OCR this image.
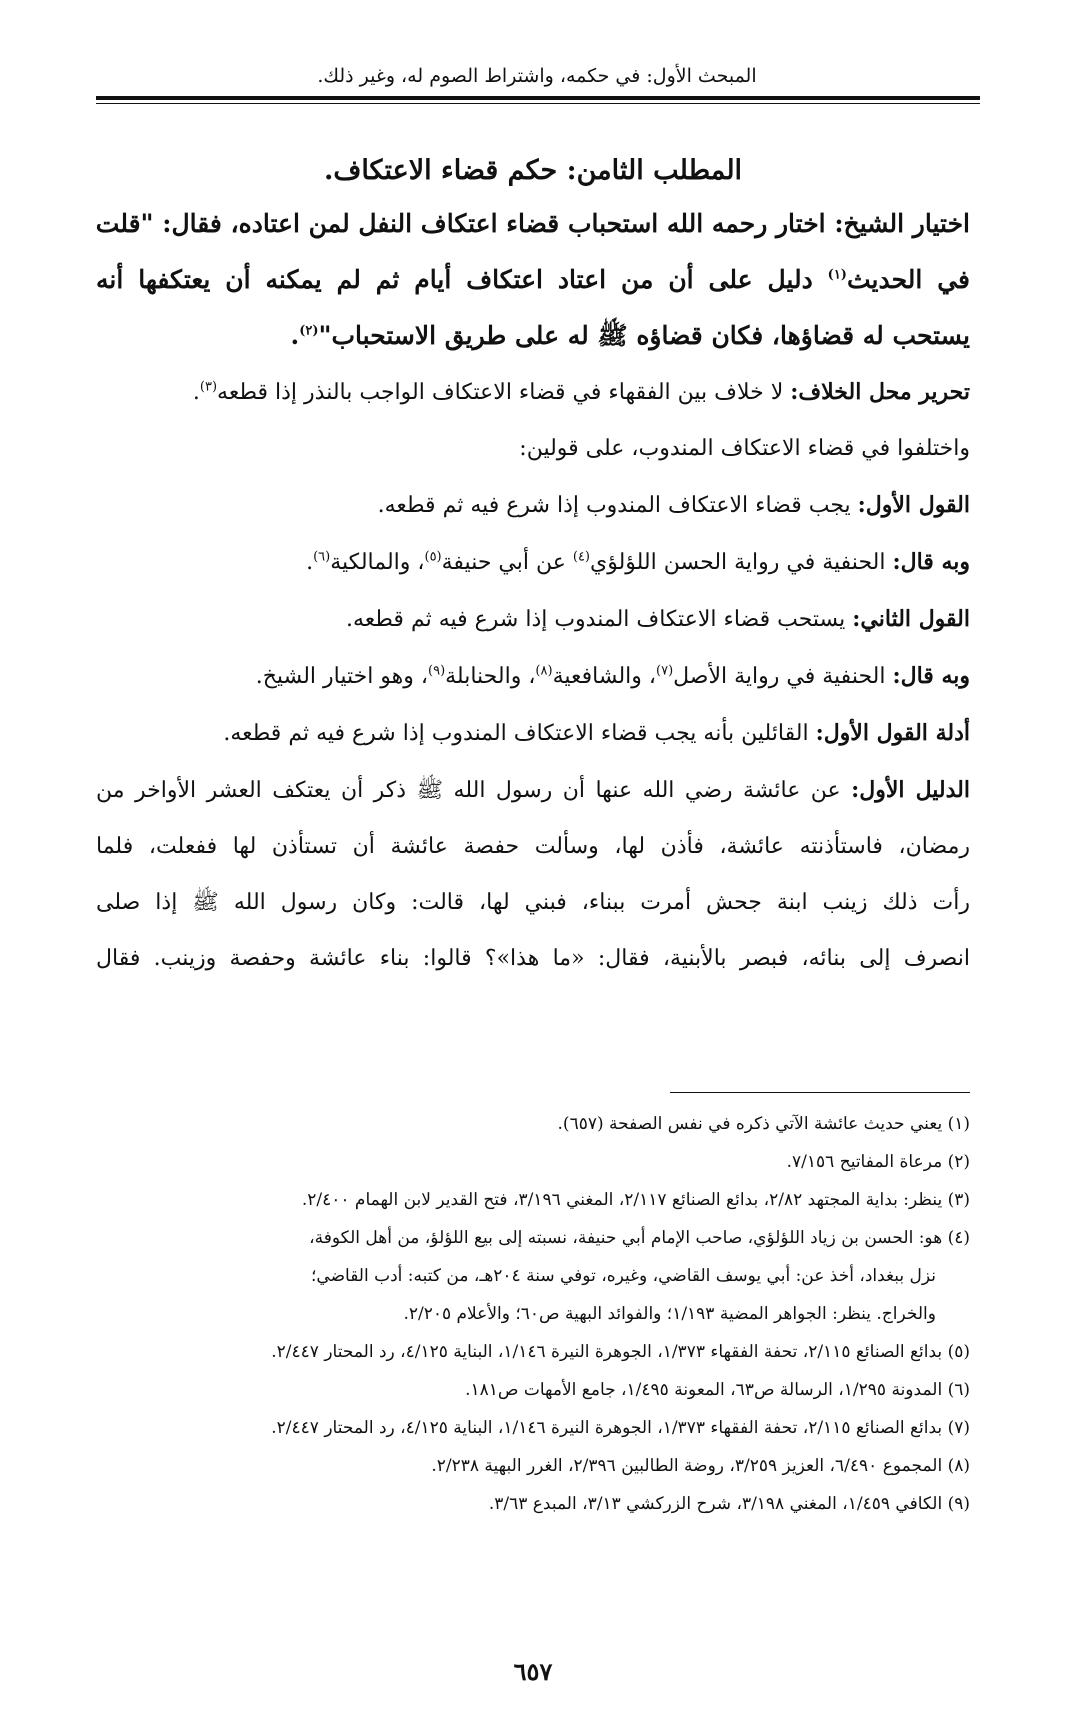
المبحث الأول: في حكمه، واشتراط الصوم له، وغير ذلك.
المطلب الثامن: حكم قضاء الاعتكاف.
اختيار الشيخ: اختار رحمه الله استحباب قضاء اعتكاف النفل لمن اعتاده، فقال: "قلت
في الحديث$^{(١)}$ دليل على أن من اعتاد اعتكاف أيام ثم لم يمكنه أن يعتكفها أنه
يستحب له قضاؤها، فكان قضاؤه ﷺ له على طريق الاستحباب"$^{(٢)}$.
تحرير محل الخلاف: لا خلاف بين الفقهاء في قضاء الاعتكاف الواجب بالنذر إذا قطعه$^{(٣)}$.
واختلفوا في قضاء الاعتكاف المندوب، على قولين:
القول الأول: يجب قضاء الاعتكاف المندوب إذا شرع فيه ثم قطعه.
وبه قال: الحنفية في رواية الحسن اللؤلؤي$^{(٤)}$ عن أبي حنيفة$^{(٥)}$، والمالكية$^{(٦)}$.
القول الثاني: يستحب قضاء الاعتكاف المندوب إذا شرع فيه ثم قطعه.
وبه قال: الحنفية في رواية الأصل$^{(٧)}$، والشافعية$^{(٨)}$، والحنابلة$^{(٩)}$، وهو اختيار الشيخ.
أدلة القول الأول: القائلين بأنه يجب قضاء الاعتكاف المندوب إذا شرع فيه ثم قطعه.
الدليل الأول: عن عائشة رضي الله عنها أن رسول الله ﷺ ذكر أن يعتكف العشر الأواخر من
رمضان، فاستأذنته عائشة، فأذن لها، وسألت حفصة عائشة أن تستأذن لها ففعلت، فلما
رأت ذلك زينب ابنة جحش أمرت ببناء، فبني لها، قالت: وكان رسول الله ﷺ إذا صلى
انصرف إلى بنائه، فبصر بالأبنية، فقال: «ما هذا»؟ قالوا: بناء عائشة وحفصة وزينب. فقال
(١) يعني حديث عائشة الآتي ذكره في نفس الصفحة (٦٥٧).
(٢) مرعاة المفاتيح ٧/١٥٦.
(٣) ينظر: بداية المجتهد ٢/٨٢، بدائع الصنائع ٢/١١٧، المغني ٣/١٩٦، فتح القدير لابن الهمام ٢/٤٠٠.
(٤) هو: الحسن بن زياد اللؤلؤي، صاحب الإمام أبي حنيفة، نسبته إلى بيع اللؤلؤ، من أهل الكوفة،
نزل ببغداد، أخذ عن: أبي يوسف القاضي، وغيره، توفي سنة ٢٠٤هـ، من كتبه: أدب القاضي؛
والخراج. ينظر: الجواهر المضية ١/١٩٣؛ والفوائد البهية ص٦٠؛ والأعلام ٢/٢٠٥.
(٥) بدائع الصنائع ٢/١١٥، تحفة الفقهاء ١/٣٧٣، الجوهرة النيرة ١/١٤٦، البناية ٤/١٢٥، رد المحتار ٢/٤٤٧.
(٦) المدونة ١/٢٩٥، الرسالة ص٦٣، المعونة ١/٤٩٥، جامع الأمهات ص١٨١.
(٧) بدائع الصنائع ٢/١١٥، تحفة الفقهاء ١/٣٧٣، الجوهرة النيرة ١/١٤٦، البناية ٤/١٢٥، رد المحتار ٢/٤٤٧.
(٨) المجموع ٦/٤٩٠، العزيز ٣/٢٥٩، روضة الطالبين ٢/٣٩٦، الغرر البهية ٢/٢٣٨.
(٩) الكافي ١/٤٥٩، المغني ٣/١٩٨، شرح الزركشي ٣/١٣، المبدع ٣/٦٣.
٦٥٧
